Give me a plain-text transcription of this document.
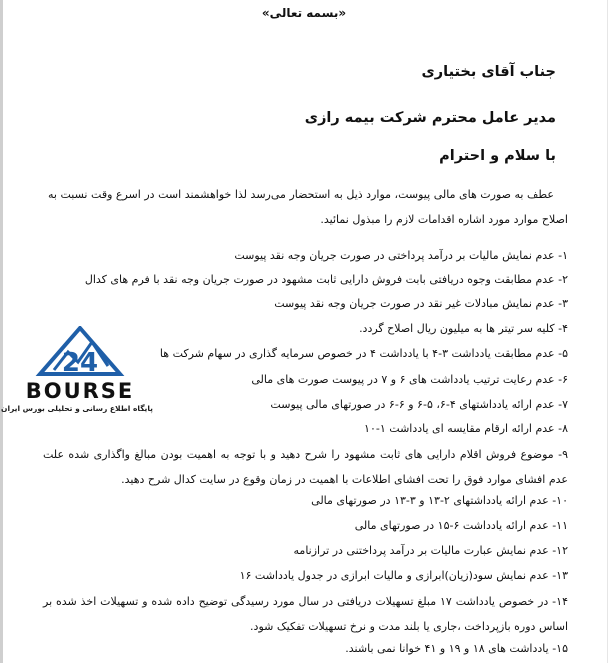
«بسمه تعالی»
جناب آقای بختیاری
مدیر عامل محترم شرکت بیمه رازی
با سلام و احترام
عطف به صورت های مالی پیوست، موارد ذیل به استحضار می‌رسد لذا خواهشمند است در اسرع وقت نسبت به اصلاح موارد مورد اشاره اقدامات لازم را مبذول نمائید.
۱- عدم نمایش مالیات بر درآمد پرداختی در صورت جریان وجه نقد پیوست
۲- عدم مطابقت وجوه دریافتی بابت فروش دارایی ثابت مشهود در صورت جریان وجه نقد با فرم های کدال
۳- عدم نمایش مبادلات غیر نقد در صورت جریان وجه نقد پیوست
۴- کلیه سر تیتر ها به میلیون ریال اصلاح گردد.
۵- عدم مطابقت یادداشت ۳-۴ با یادداشت ۴ در خصوص سرمایه گذاری در سهام شرکت ها
۶- عدم رعایت ترتیب یادداشت های ۶ و ۷ در پیوست صورت های مالی
۷- عدم ارائه یادداشتهای ۴-۶، ۵-۶ و ۶-۶ در صورتهای مالی پیوست
۸- عدم ارائه ارقام مقایسه ای یادداشت ۱-۱۰
۹- موضوع فروش اقلام دارایی های ثابت مشهود را شرح دهید و با توجه به اهمیت بودن مبالغ واگذاری شده علت عدم افشای موارد فوق را تحت افشای اطلاعات با اهمیت در زمان وقوع در سایت کدال شرح دهید.
۱۰- عدم ارائه یادداشتهای ۲-۱۳ و ۳-۱۳ در صورتهای مالی
۱۱- عدم ارائه یادداشت ۶-۱۵ در صورتهای مالی
۱۲- عدم نمایش عبارت مالیات بر درآمد پرداختنی در ترازنامه
۱۳- عدم نمایش سود(زیان)ابرازی و مالیات ابرازی در جدول یادداشت ۱۶
۱۴- در خصوص یادداشت ۱۷ مبلغ تسهیلات دریافتی در سال مورد رسیدگی توضیح داده شده و تسهیلات اخذ شده بر اساس دوره بازپرداخت ،جاری یا بلند مدت و نرخ تسهیلات تفکیک شود.
۱۵- یادداشت های ۱۸ و ۱۹ و ۴۱ خوانا نمی باشند.
24
BOURSE
پایگاه اطلاع رسانی و تحلیلی بورس ایران
